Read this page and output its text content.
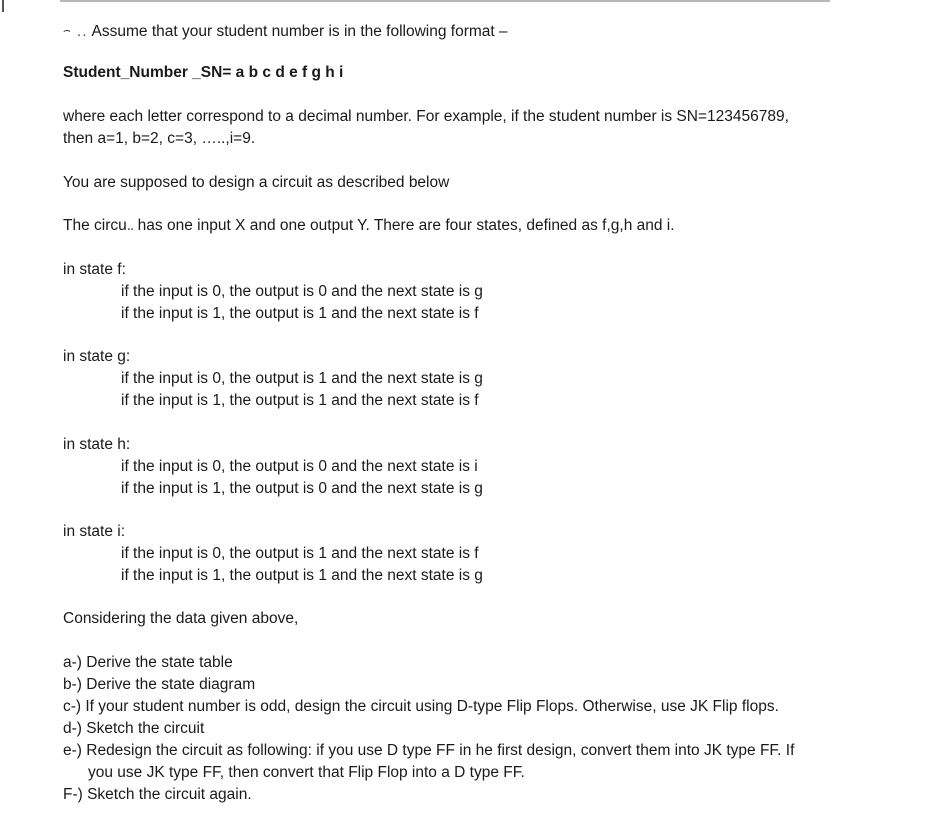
⌢ .. Assume that your student number is in the following format –
Student_Number _SN= a b c d e f g h i
where each letter correspond to a decimal number. For example, if the student number is SN=123456789,
then a=1, b=2, c=3, …..,i=9.
You are supposed to design a circuit as described below
The circu.. has one input X and one output Y. There are four states, defined as f,g,h and i.
in state f:
if the input is 0, the output is 0 and the next state is g
if the input is 1, the output is 1 and the next state is f
in state g:
if the input is 0, the output is 1 and the next state is g
if the input is 1, the output is 1 and the next state is f
in state h:
if the input is 0, the output is 0 and the next state is i
if the input is 1, the output is 0 and the next state is g
in state i:
if the input is 0, the output is 1 and the next state is f
if the input is 1, the output is 1 and the next state is g
Considering the data given above,
a-) Derive the state table
b-) Derive the state diagram
c-) If your student number is odd, design the circuit using D-type Flip Flops. Otherwise, use JK Flip flops.
d-) Sketch the circuit
e-) Redesign the circuit as following: if you use D type FF in he first design, convert them into JK type FF. If
you use JK type FF, then convert that Flip Flop into a D type FF.
F-) Sketch the circuit again.
